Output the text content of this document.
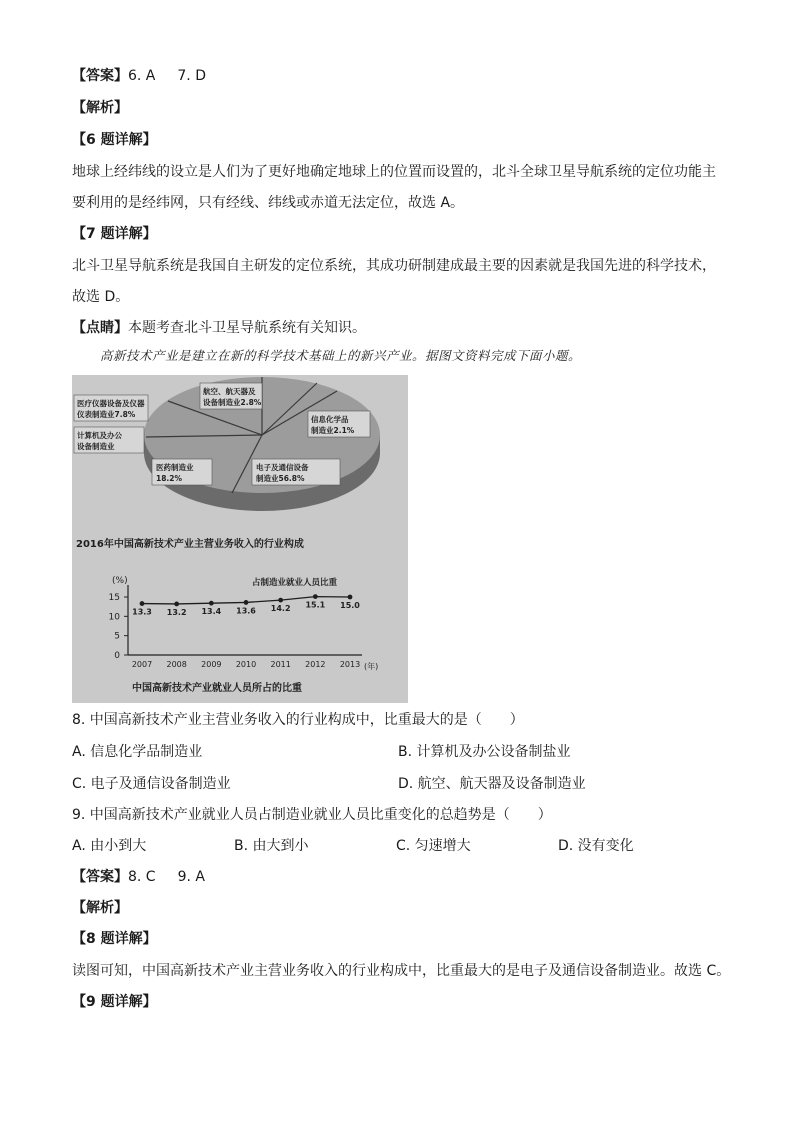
【答案】6. A 7. D
【解析】
【6 题详解】
地球上经纬线的设立是人们为了更好地确定地球上的位置而设置的，北斗全球卫星导航系统的定位功能主
要利用的是经纬网，只有经线、纬线或赤道无法定位，故选 A。
【7 题详解】
北斗卫星导航系统是我国自主研发的定位系统，其成功研制建成最主要的因素就是我国先进的科学技术，
故选 D。
【点睛】本题考查北斗卫星导航系统有关知识。
高新技术产业是建立在新的科学技术基础上的新兴产业。据图文资料完成下面小题。
医疗仪器设备及仪器
仪表制造业7.8%
航空、航天器及
设备制造业2.8%
信息化学品
制造业2.1%
计算机及办公
设备制造业
医药制造业
18.2%
电子及通信设备
制造业56.8%
2016年中国高新技术产业主营业务收入的行业构成
(%)	占制造业就业人员比重
0
5
10
15
2007 2008 2009 2010 2011 2012 2013
13.3 13.2 13.4 13.6 14.2 15.1 15.0
(年)
中国高新技术产业就业人员所占的比重
8. 中国高新技术产业主营业务收入的行业构成中，比重最大的是（　　）
A. 信息化学品制造业	B. 计算机及办公设备制盐业
C. 电子及通信设备制造业	D. 航空、航天器及设备制造业
9. 中国高新技术产业就业人员占制造业就业人员比重变化的总趋势是（　　）
A. 由小到大	B. 由大到小	C. 匀速增大	D. 没有变化
【答案】8. C 9. A
【解析】
【8 题详解】
读图可知，中国高新技术产业主营业务收入的行业构成中，比重最大的是电子及通信设备制造业。故选 C。
【9 题详解】
